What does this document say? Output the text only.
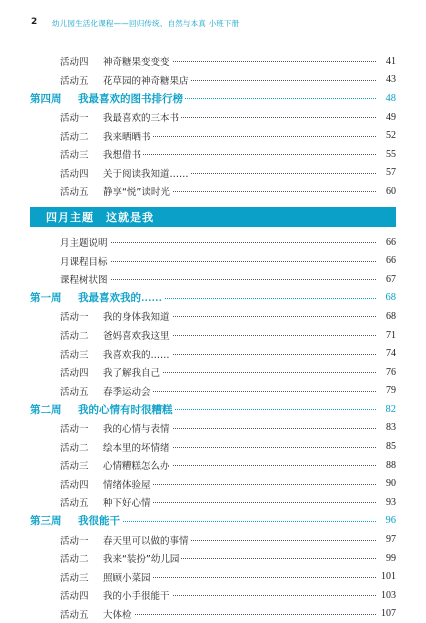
2 幼儿园生活化课程——回归传统、自然与本真 小班下册
活动四 神奇糖果变变变	41
活动五 花草园的神奇糖果店	43
第四周 我最喜欢的图书排行榜	48
活动一 我最喜欢的三本书	49
活动二 我来晒晒书	52
活动三 我想借书	55
活动四 关于阅读我知道……	57
活动五 静享“悦”读时光	60
四月主题　这就是我
月主题说明	66
月课程目标	66
课程树状图	67
第一周 我最喜欢我的……	68
活动一 我的身体我知道	68
活动二 爸妈喜欢我这里	71
活动三 我喜欢我的……	74
活动四 我了解我自己	76
活动五 春季运动会	79
第二周 我的心情有时很糟糕	82
活动一 我的心情与表情	83
活动二 绘本里的坏情绪	85
活动三 心情糟糕怎么办	88
活动四 情绪体验屋	90
活动五 种下好心情	93
第三周 我很能干	96
活动一 春天里可以做的事情	97
活动二 我来“装扮”幼儿园	99
活动三 照顾小菜园	101
活动四 我的小手很能干	103
活动五 大体检	107
